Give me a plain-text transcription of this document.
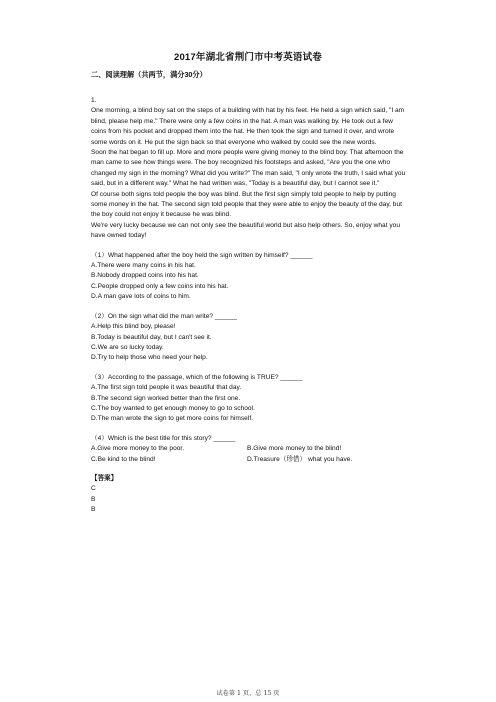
2017年湖北省荆门市中考英语试卷
二、阅读理解（共两节，满分30分）
1.

One morning, a blind boy sat on the steps of a building with hat by his feet. He held a sign which said, "I am blind, please help me." There were only a few coins in the hat. A man was walking by. He took out a few coins from his pocket and dropped them into the hat. He then took the sign and turned it over, and wrote some words on it. He put the sign back so that everyone who walked by could see the new words.

Soon the hat began to fill up. More and more people were giving money to the blind boy. That afternoon the man came to see how things were. The boy recognized his footsteps and asked, "Are you the one who changed my sign in the morning? What did you write?" The man said, "I only wrote the truth, I said what you said, but in a different way." What he had written was, "Today is a beautiful day, but I cannot see it."

Of course both signs told people the boy was blind. But the first sign simply told people to help by putting some money in the hat. The second sign told people that they were able to enjoy the beauty of the day, but the boy could not enjoy it because he was blind.

We're very lucky because we can not only see the beautiful world but also help others. So, enjoy what you have owned today!

（1）What happened after the boy held the sign written by himself? ______
A.There were many coins in his hat.
B.Nobody dropped coins into his hat.
C.People dropped only a few coins into his hat.
D.A man gave lots of coins to him.
（2）On the sign what did the man write? ______
A.Help this blind boy, please!
B.Today is beautiful day, but I can't see it.
C.We are so lucky today.
D.Try to help those who need your help.
（3）According to the passage, which of the following is TRUE? ______
A.The first sign told people it was beautiful that day.
B.The second sign worked better than the first one.
C.The boy wanted to get enough money to go to school.
D.The man wrote the sign to get more coins for himself.
（4）Which is the best title for this story? ______
A.Give more money to the poor.	B.Give more money to the blind!
C.Be kind to the blind!	D.Treasure（珍惜） what you have.
【答案】
C
B
B
试卷第 1 页，总 15 页
